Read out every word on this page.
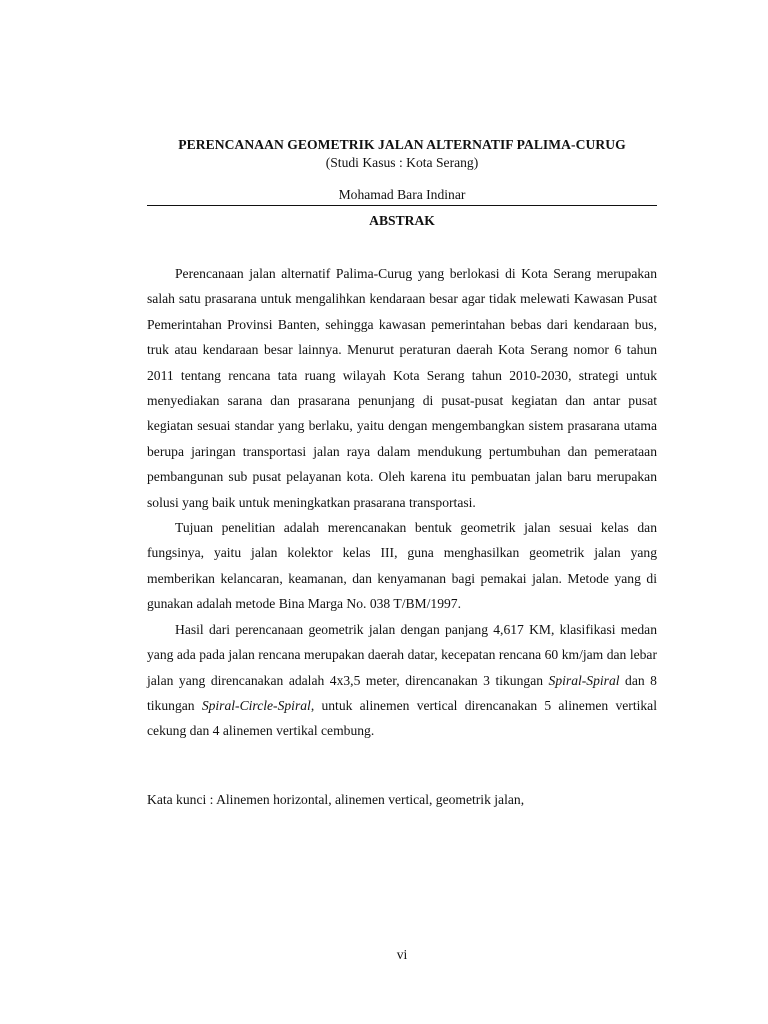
PERENCANAAN GEOMETRIK JALAN ALTERNATIF PALIMA-CURUG
(Studi Kasus : Kota Serang)
Mohamad Bara Indinar
ABSTRAK

Perencanaan jalan alternatif Palima-Curug yang berlokasi di Kota Serang merupakan salah satu prasarana untuk mengalihkan kendaraan besar agar tidak melewati Kawasan Pusat Pemerintahan Provinsi Banten, sehingga kawasan pemerintahan bebas dari kendaraan bus, truk atau kendaraan besar lainnya. Menurut peraturan daerah Kota Serang nomor 6 tahun 2011 tentang rencana tata ruang wilayah Kota Serang tahun 2010-2030, strategi untuk menyediakan sarana dan prasarana penunjang di pusat-pusat kegiatan dan antar pusat kegiatan sesuai standar yang berlaku, yaitu dengan mengembangkan sistem prasarana utama berupa jaringan transportasi jalan raya dalam mendukung pertumbuhan dan pemerataan pembangunan sub pusat pelayanan kota. Oleh karena itu pembuatan jalan baru merupakan solusi yang baik untuk meningkatkan prasarana transportasi.

Tujuan penelitian adalah merencanakan bentuk geometrik jalan sesuai kelas dan fungsinya, yaitu jalan kolektor kelas III, guna menghasilkan geometrik jalan yang memberikan kelancaran, keamanan, dan kenyamanan bagi pemakai jalan. Metode yang di gunakan adalah metode Bina Marga No. 038 T/BM/1997.

Hasil dari perencanaan geometrik jalan dengan panjang 4,617 KM, klasifikasi medan yang ada pada jalan rencana merupakan daerah datar, kecepatan rencana 60 km/jam dan lebar jalan yang direncanakan adalah 4x3,5 meter, direncanakan 3 tikungan Spiral-Spiral dan 8 tikungan Spiral-Circle-Spiral, untuk alinemen vertical direncanakan 5 alinemen vertikal cekung dan 4 alinemen vertikal cembung.

Kata kunci : Alinemen horizontal, alinemen vertical, geometrik jalan,
vi
